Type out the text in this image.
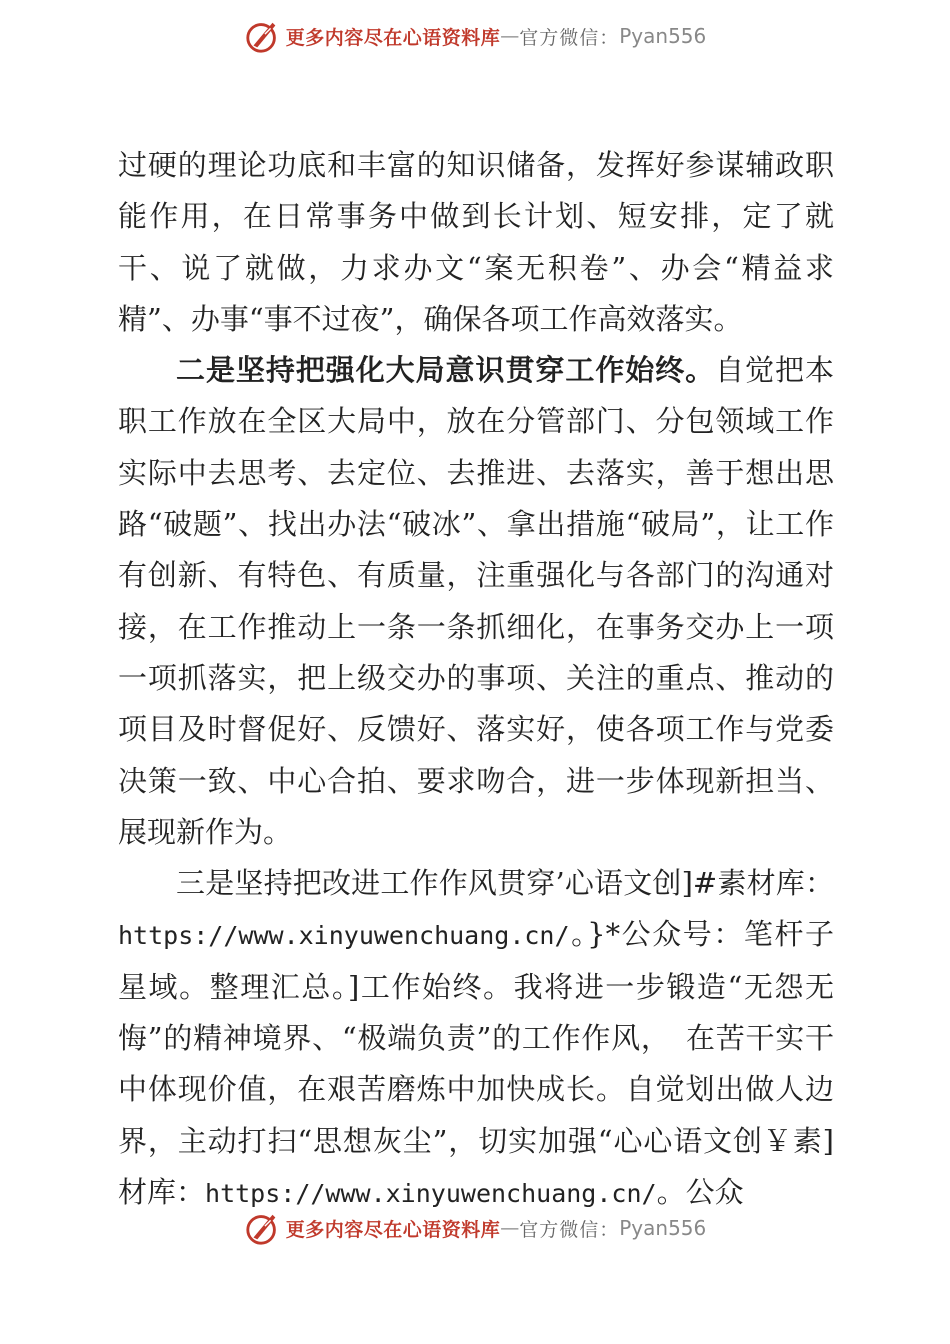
更多内容尽在心语资料库 — 官方微信： Pyan556

过硬的理论功底和丰富的知识储备，发挥好参谋辅政职能作用，在日常事务中做到长计划、短安排，定了就干、说了就做，力求办文“案无积卷”、办会“精益求精”、办事“事不过夜”，确保各项工作高效落实。

二是坚持把强化大局意识贯穿工作始终。自觉把本职工作放在全区大局中，放在分管部门、分包领域工作实际中去思考、去定位、去推进、去落实，善于想出思路“破题”、找出办法“破冰”、拿出措施“破局”，让工作有创新、有特色、有质量，注重强化与各部门的沟通对接，在工作推动上一条一条抓细化，在事务交办上一项一项抓落实，把上级交办的事项、关注的重点、推动的项目及时督促好、反馈好、落实好，使各项工作与党委决策一致、中心合拍、要求吻合，进一步体现新担当、展现新作为。

三是坚持把改进工作作风贯穿’心语文创]#素材库：https://www.xinyuwenchuang.cn/。}*公众号：笔杆子星域。整理汇总。]工作始终。我将进一步锻造“无怨无悔”的精神境界、“极端负责”的工作作风，　在苦干实干中体现价值，在艰苦磨炼中加快成长。自觉划出做人边界，主动打扫“思想灰尘”，切实加强“心心语文创￥素]材库：https://www.xinyuwenchuang.cn/。公众

更多内容尽在心语资料库 — 官方微信： Pyan556
